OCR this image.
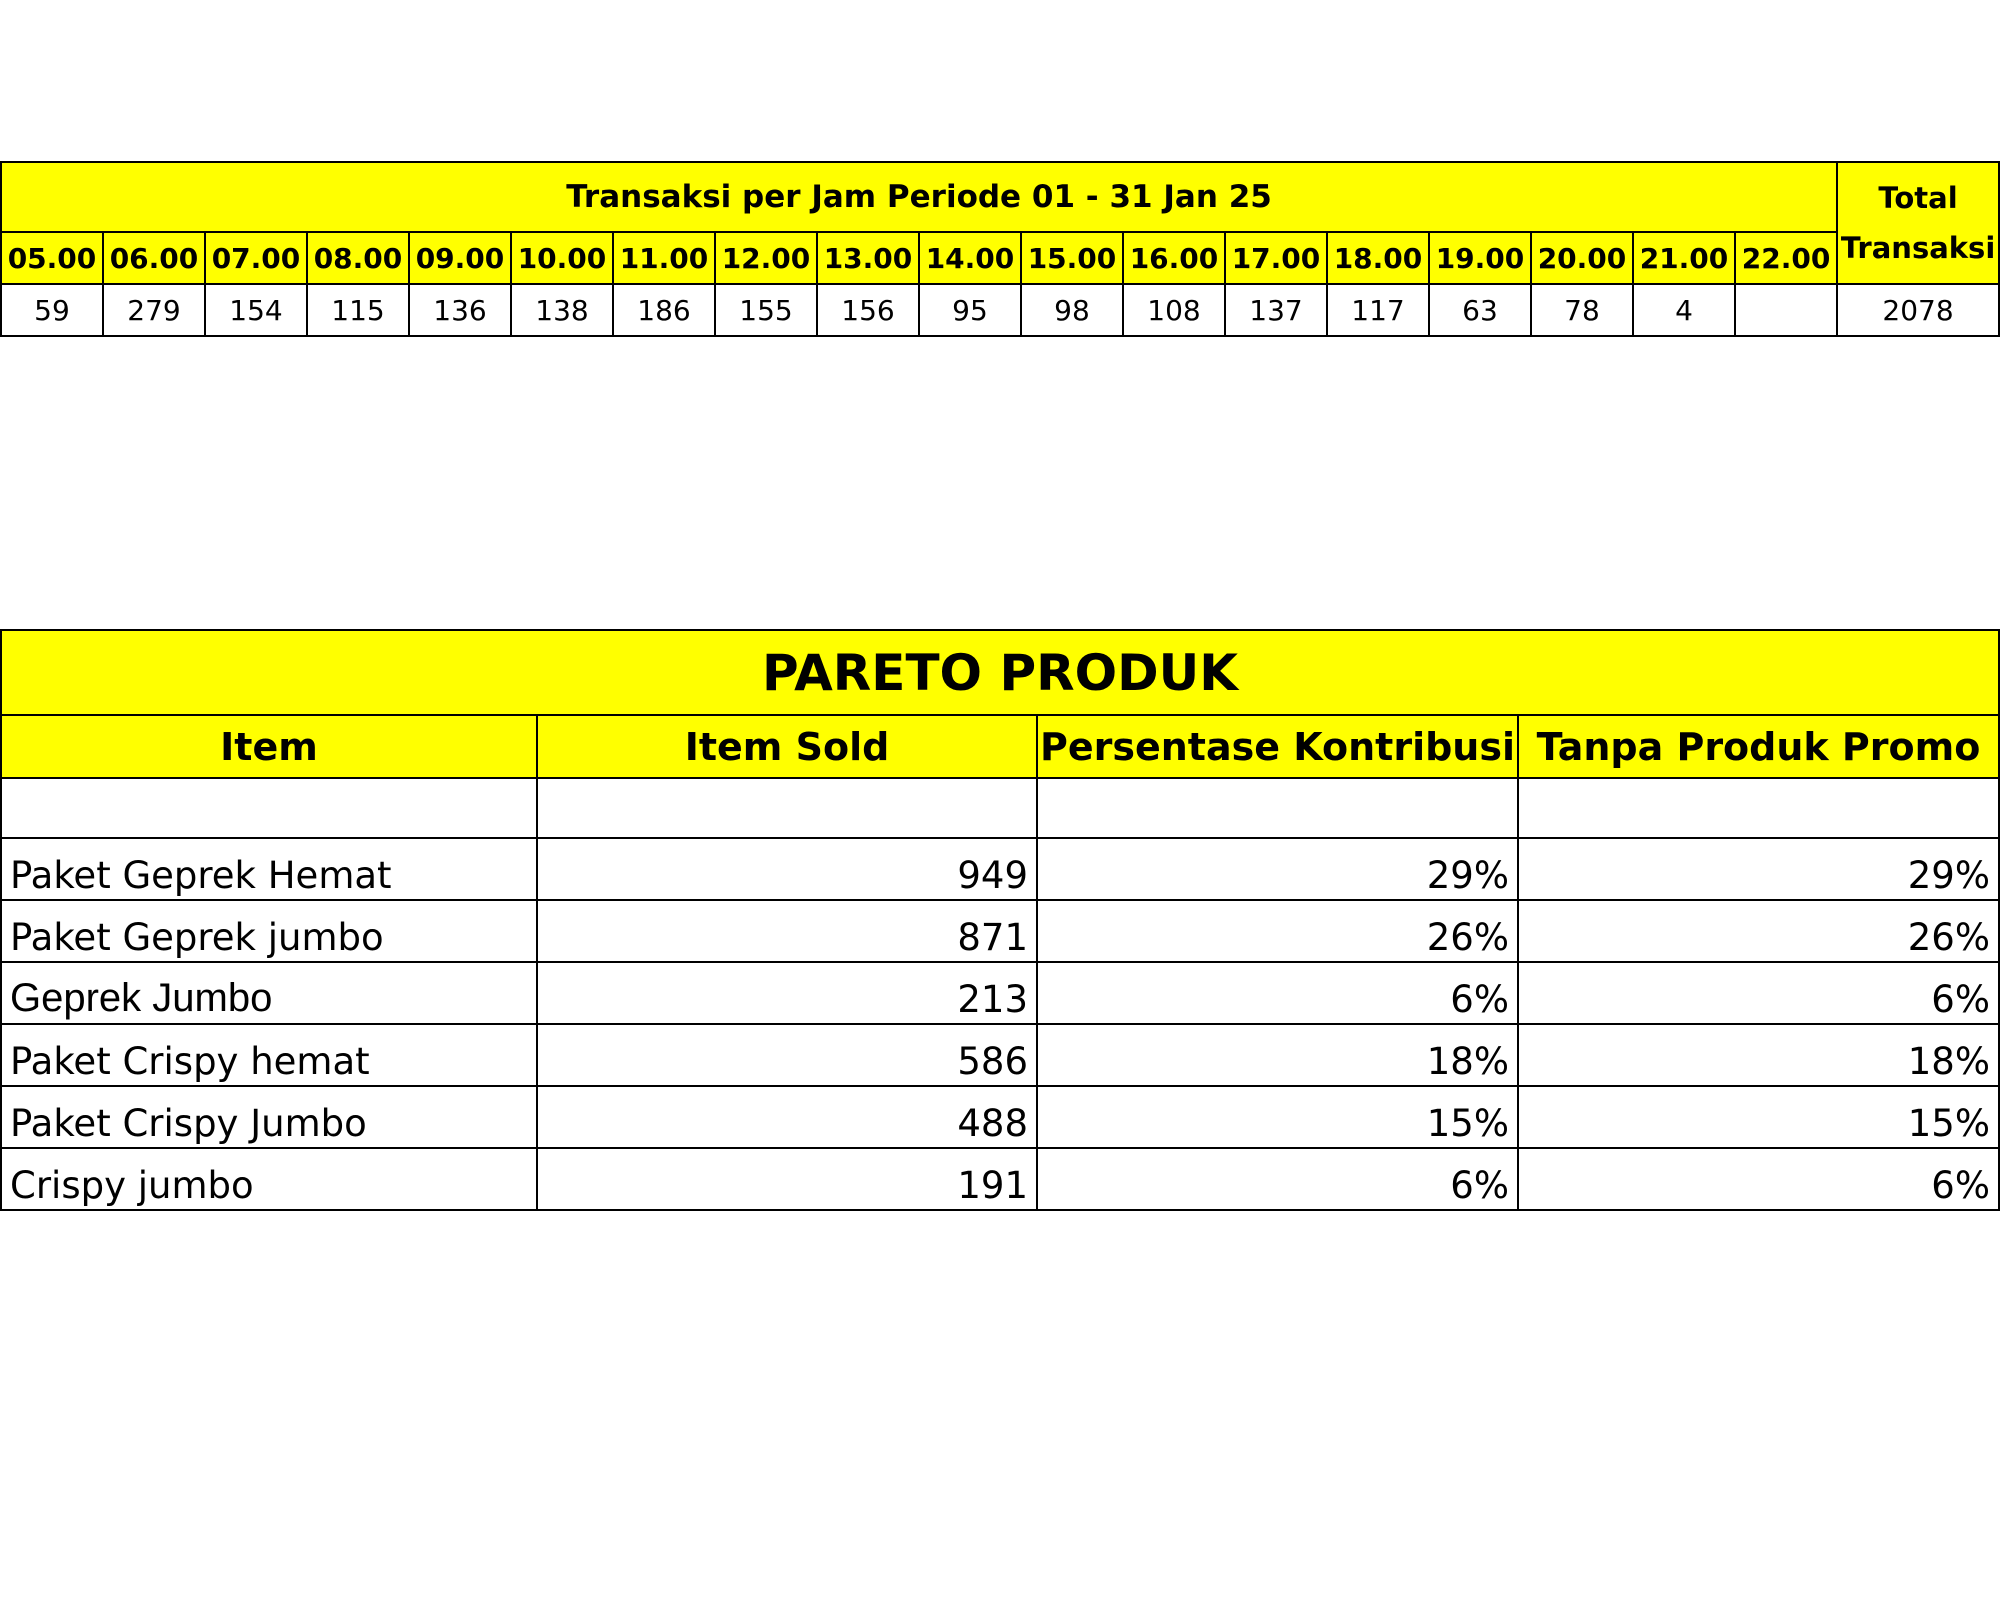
Transaksi per Jam Periode 01 - 31 Jan 25																		Total Transaksi
05.00	06.00	07.00	08.00	09.00	10.00	11.00	12.00	13.00	14.00	15.00	16.00	17.00	18.00	19.00	20.00	21.00	22.00	
59	279	154	115	136	138	186	155	156	95	98	108	137	117	63	78	4		2078
PARETO PRODUK			
Item	Item Sold	Persentase Kontribusi	Tanpa Produk Promo

Paket Geprek Hemat	949	29%	29%
Paket Geprek jumbo	871	26%	26%
Geprek Jumbo	213	6%	6%
Paket Crispy hemat	586	18%	18%
Paket Crispy Jumbo	488	15%	15%
Crispy jumbo	191	6%	6%
